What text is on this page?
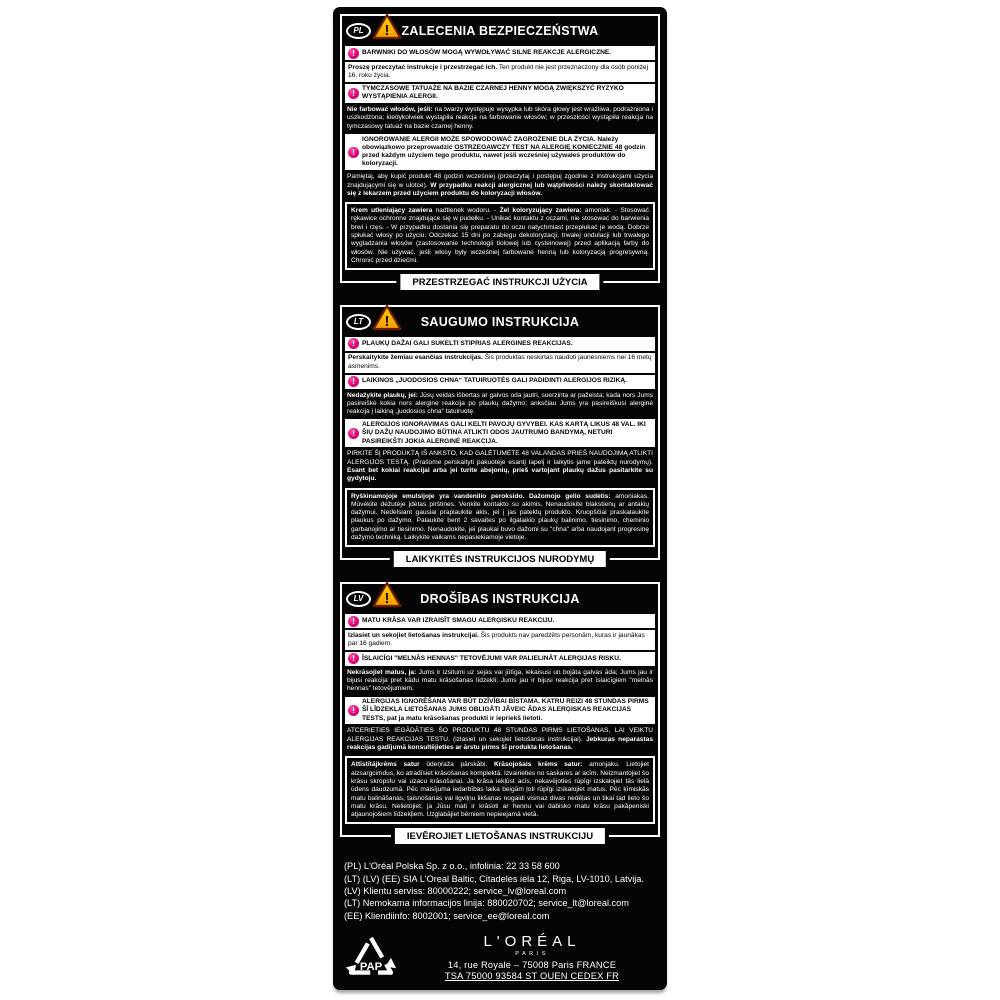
PL	! ZALECENIA BEZPIECZEŃSTWA
!	BARWNIKI DO WŁOSÓW MOGĄ WYWOŁYWAĆ SILNE REAKCJE ALERGICZNE.
Proszę przeczytać instrukcje i przestrzegać ich. Ten produkt nie jest przeznaczony dla osób poniżej 16. roku życia.
!	TYMCZASOWE TATUAŻE NA BAZIE CZARNEJ HENNY MOGĄ ZWIĘKSZYĆ RYZYKO WYSTĄPIENIA ALERGII.
Nie farbować włosów, jeśli: na twarzy występuje wysypka lub skóra głowy jest wrażliwa, podrażniona i uszkodzona; kiedykolwiek wystąpiła reakcja na farbowanie włosów; w przeszłości wystąpiła reakcja na tymczasowy tatuaż na bazie czarnej henny.
!
IGNOROWANIE ALERGII MOŻE SPOWODOWAĆ ZAGROŻENIE DLA ŻYCIA. Należy obowiązkowo przeprowadzić OSTRZEGAWCZY TEST NA ALERGIĘ KONIECZNIE 48 godzin przed każdym użyciem tego produktu, nawet jeśli wcześniej używałeś produktów do koloryzacji.
Pamiętaj, aby kupić produkt 48 godzin wcześniej (przeczytaj i postępuj zgodnie z instrukcjami użycia znajdującymi się w ulotce). W przypadku reakcji alergicznej lub wątpliwości należy skontaktować się z lekarzem przed użyciem produktu do koloryzacji włosów.
Krem utleniający zawiera nadtlenek wodoru. - Żel koloryzujący zawiera: amoniak. - Stosować rękawice ochronne znajdujące się w pudełku. - Unikać kontaktu z oczami, nie stosować do barwienia brwi i rzęs. - W przypadku dostania się preparatu do oczu natychmiast przepłukać je wodą. Dobrze spłukać włosy po użyciu. Odczekać 15 dni po zabiegu dekoloryzacji, trwałej ondulacji lub trwałego wygladzania włosów (zastosowanie technologii tiolowej lub cysteinowej) przed aplikacją farby do włosów. Nie używać, jeśli włosy były wcześniej farbowane henną lub koloryzacją progresywną. Chronić przed dziećmi.
PRZESTRZEGAĆ INSTRUKCJI UŻYCIA
LT	!	SAUGUMO INSTRUKCIJA
!	PLAUKŲ DAŽAI GALI SUKELTI STIPRIAS ALERGINES REAKCIJAS.
Perskaitykite žemiau esančias instrukcijas. Šis produktas neskirtas naudoti jaunesniems nei 16 metų asmenims.
!	LAIKINOS „JUODOSIOS CHNA“ TATUIRUOTĖS GALI PADIDINTI ALERGIJOS RIZIKĄ.
Nedažykite plaukų, jei: Jūsų veidas išbertas ar galvos oda jautri, suerzinta ar pažeista; kada nors Jums pasireiškė kokia nors alerginė reakcija po plaukų dažymo; anksčiau Jums yra pasireiškusi alerginė reakcija į laikiną „juodosios chna“ tatuiruotę.
!
ALERGIJOS IGNORAVIMAS GALI KELTI PAVOJŲ GYVYBEI. KAS KARTĄ LIKUS 48 VAL. IKI ŠIŲ DAŽŲ NAUDOJIMO BŪTINA ATLIKTI ODOS JAUTRUMO BANDYMĄ, NETURI PASIREIKŠTI JOKIA ALERGINĖ REAKCIJA.
PIRKITE ŠĮ PRODUKTĄ IŠ ANKSTO, KAD GALĖTUMĖTE 48 VALANDAS PRIEŠ NAUDOJIMĄ ATLIKTI ALERGIJOS TESTĄ. (Prašome perskaityti pakuotėje esantį lapelį ir laikytis jame pateiktų nurodymų). Esant bet kokiai reakcijai arba jei turite abejonių, prieš vartojant plaukų dažus pasitarkite su gydytoju.
Ryškinamojoje emulsijoje yra vandenilio peroksido. Dažomojo gelio sudėtis: amoniakas. Mūvėkite dėžutėje įdėtas pirštines. Venkite kontakto su akimis. Nenaudokite blakstienų ar antakių dažymui. Nedelsiant gausiai praplaukite akis, jei į jas patektų produkto. Kruopščiai praskalaukite plaukus po dažymo. Palaukite bent 2 savaites po ilgalaikio plaukų balinimo, tiesinimo, cheminio garbanojimo ar tiesinimo. Nenaudokite, jei plaukai buvo dažomi su "chna" arba naudojant progresinę dažymo techniką. Laikykite vaikams nepasiekiamoje vietoje.
LAIKYKITĖS INSTRUKCIJOS NURODYMŲ
LV	!	DROŠĪBAS INSTRUKCIJA
!	MATU KRĀSA VAR IZRAISĪT SMAGU ALERĢISKU REAKCIJU.
Izlasiet un sekojiet lietošanas instrukcijai. Šis produkts nav paredzēts personām, kuras ir jaunākas par 16 gadiem.
!	ĪSLAICĪGI "MELNĀS HENNAS" TETOVĒJUMI VAR PALIELINĀT ALERĢIJAS RISKU.
Nekrāsojiet matus, ja: Jums ir izsitumi uz sejas vai jūtīga, iekaisusi un bojāta galvas āda; Jums jau ir bijusi reakcija pret kādu matu krāsošanas līdzekli; Jums jau ir bijusi reakcija pret īslaicīgiem "melnās hennas" tetovējumiem.
!
ALERĢIJAS IGNORĒŠANA VAR BŪT DZĪVĪBAI BĪSTAMA. KATRU REIZI 48 STUNDAS PIRMS ŠĪ LĪDZEKĻA LIETOŠANAS JUMS OBLIGĀTI JĀVEIC ĀDAS ALERĢISKAS REAKCIJAS TESTS, pat ja matu krāsošanas produkti ir iepriekš lietoti.
ATCERIETIES IEGĀDĀTIES ŠO PRODUKTU 48 STUNDAS PIRMS LIETOŠANAS, LAI VEIKTU ALERĢIJAS REAKCIJAS TESTU. (izlasiet un sekojiet lietošanas instrukcijai). Jebkuras neparastas reakcijas gadījumā konsultējieties ar ārstu pirms šī produkta lietošanas.
Attīstītājkrēms satur ūdeņraža pārskābi. Krāsojošais krēms satur: amonjaku. Lietojiet aizsargcimdus, ko atradīsiet krāsošanas komplektā. Izvairieties no saskares ar acīm. Neizmantojiet šo krāsu skropstu vai uzacu krāsošanai. Ja krāsa iekļūst acīs, nekavējoties rūpīgi izskalojiet tās lielā ūdens daudzumā. Pēc maisījuma iedarbības laika beigām ļoti rūpīgi izskalojiet matus. Pēc ķīmiskās matu balināšanas, taisnošanas vai ilgviļņu likšanas nogaidi vismaz divas nedēļas un tikai tad lieto šo matu krāsu. Nelietojiet, ja Jūsu mati ir krāsoti ar hennu vai dabisko matu krāsu pakāpeniski atjaunojošiem līdzekļiem. Uzglabājiet bērniem nepieejamā vietā.
IEVĒROJIET LIETOŠANAS INSTRUKCIJU
(PL) L'Oréal Polska Sp. z o.o., infolinia: 22 33 58 600
(LT) (LV) (EE) SIA L'Oreal Baltic, Citadeles iela 12, Riga, LV-1010, Latvija.
(LV) Klientu serviss: 80000222; service_lv@loreal.com
(LT) Nemokama informacijos linija: 880020702; service_lt@loreal.com
(EE) Kliendiinfo: 8002001; service_ee@loreal.com
PAP
L'ORÉAL
PARIS
14, rue Royale – 75008 Paris FRANCE
TSA 75000 93584 ST OUEN CEDEX FR
